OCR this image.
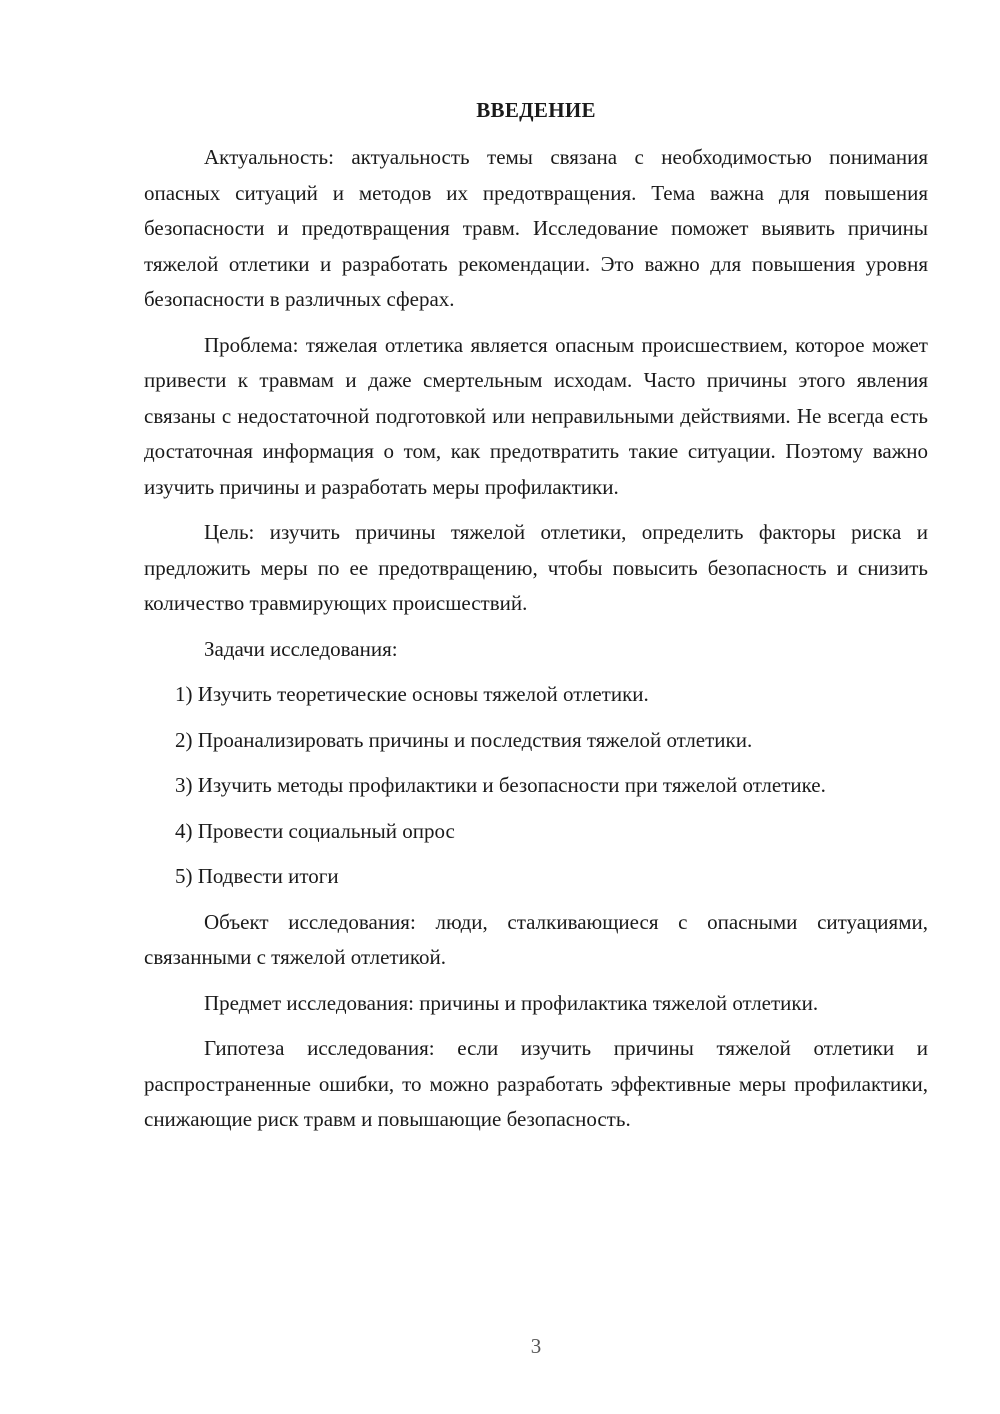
ВВЕДЕНИЕ

Актуальность: актуальность темы связана с необходимостью понимания опасных ситуаций и методов их предотвращения. Тема важна для повышения безопасности и предотвращения травм. Исследование поможет выявить причины тяжелой отлетики и разработать рекомендации. Это важно для повышения уровня безопасности в различных сферах.

Проблема: тяжелая отлетика является опасным происшествием, которое может привести к травмам и даже смертельным исходам. Часто причины этого явления связаны с недостаточной подготовкой или неправильными действиями. Не всегда есть достаточная информация о том, как предотвратить такие ситуации. Поэтому важно изучить причины и разработать меры профилактики.

Цель: изучить причины тяжелой отлетики, определить факторы риска и предложить меры по ее предотвращению, чтобы повысить безопасность и снизить количество травмирующих происшествий.

Задачи исследования:

1) Изучить теоретические основы тяжелой отлетики.

2) Проанализировать причины и последствия тяжелой отлетики.

3) Изучить методы профилактики и безопасности при тяжелой отлетике.

4) Провести социальный опрос

5) Подвести итоги

Объект исследования: люди, сталкивающиеся с опасными ситуациями, связанными с тяжелой отлетикой.

Предмет исследования: причины и профилактика тяжелой отлетики.

Гипотеза исследования: если изучить причины тяжелой отлетики и распространенные ошибки, то можно разработать эффективные меры профилактики, снижающие риск травм и повышающие безопасность.

3
